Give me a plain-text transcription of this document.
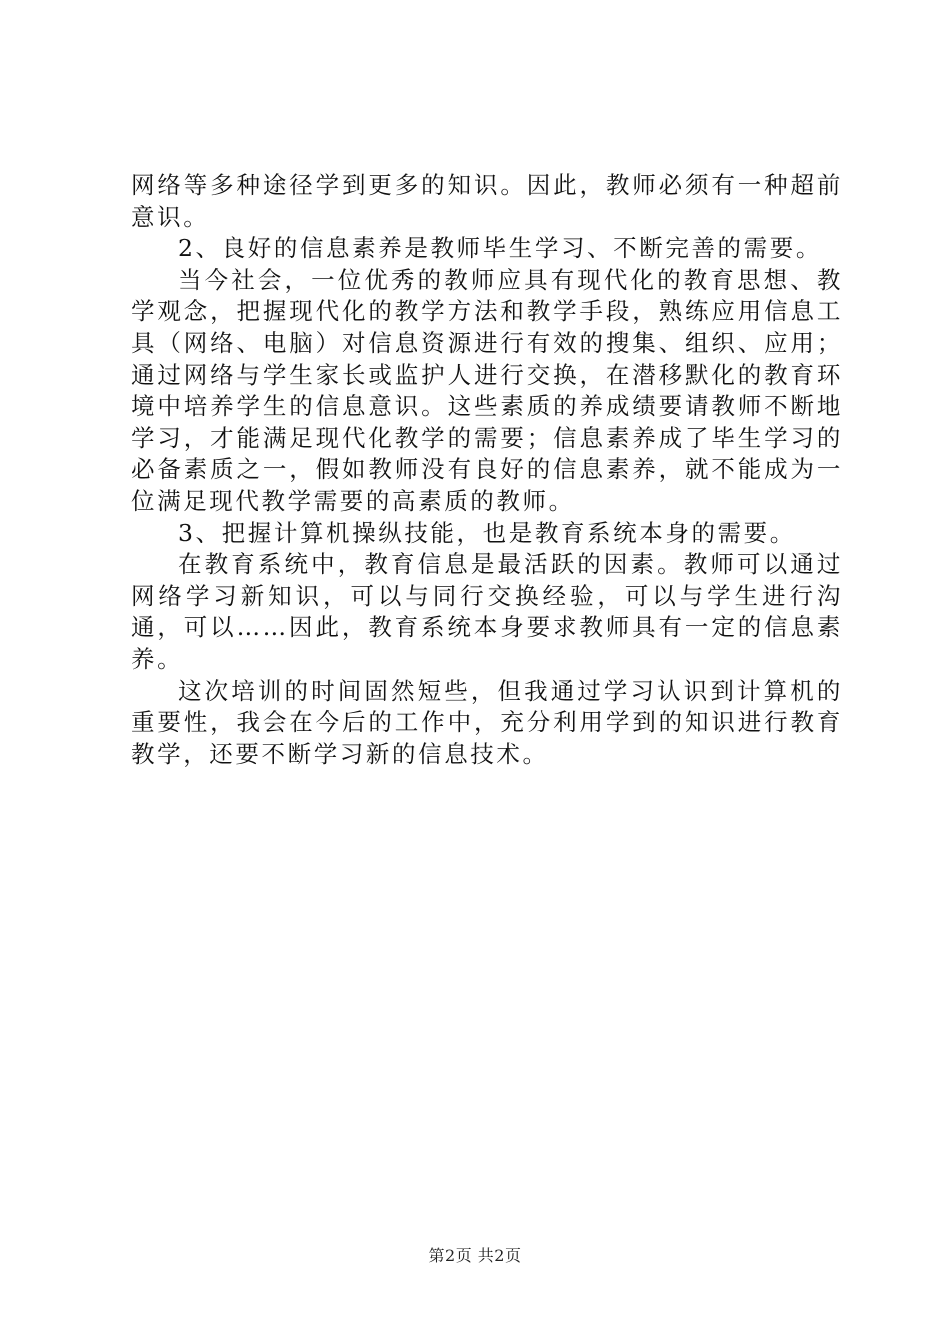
网络等多种途径学到更多的知识。因此，教师必须有一种超前意识。

2、良好的信息素养是教师毕生学习、不断完善的需要。

当今社会，一位优秀的教师应具有现代化的教育思想、教学观念，把握现代化的教学方法和教学手段，熟练应用信息工具（网络、电脑）对信息资源进行有效的搜集、组织、应用；通过网络与学生家长或监护人进行交换，在潜移默化的教育环境中培养学生的信息意识。这些素质的养成绩要请教师不断地学习，才能满足现代化教学的需要；信息素养成了毕生学习的必备素质之一，假如教师没有良好的信息素养，就不能成为一位满足现代教学需要的高素质的教师。

3、把握计算机操纵技能，也是教育系统本身的需要。

在教育系统中，教育信息是最活跃的因素。教师可以通过网络学习新知识，可以与同行交换经验，可以与学生进行沟通，可以……因此，教育系统本身要求教师具有一定的信息素养。

这次培训的时间固然短些，但我通过学习认识到计算机的重要性，我会在今后的工作中，充分利用学到的知识进行教育教学，还要不断学习新的信息技术。

第2页 共2页
